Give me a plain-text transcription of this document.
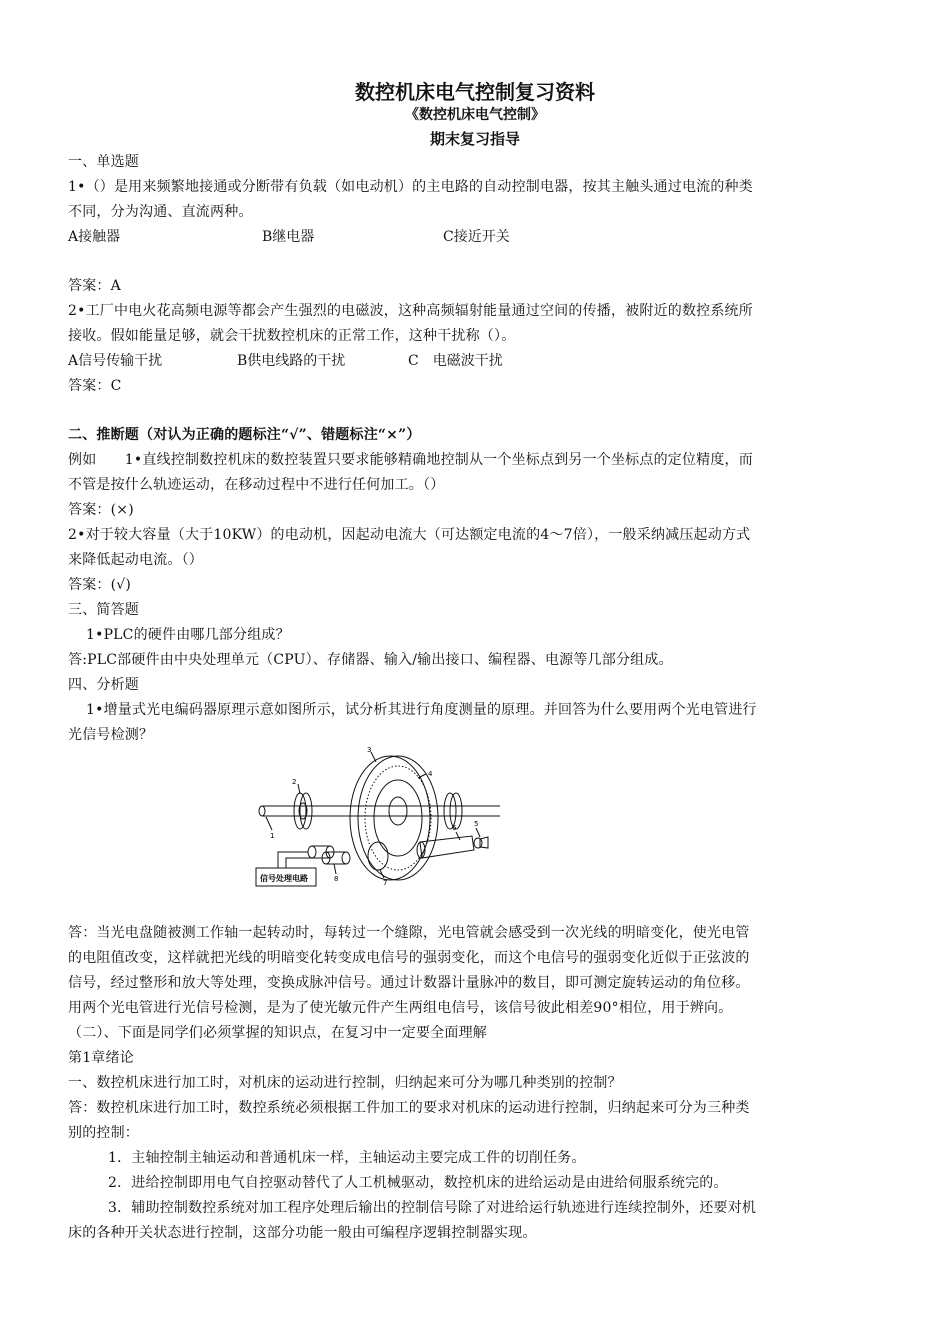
数控机床电气控制复习资料
《数控机床电气控制》
期末复习指导
一、单选题
1•（）是用来频繁地接通或分断带有负载（如电动机）的主电路的自动控制电器，按其主触头通过电流的种类
不同，分为沟通、直流两种。
A接触器	B继电器	C接近开关
答案：A
2•工厂中电火花高频电源等都会产生强烈的电磁波，这种高频辐射能量通过空间的传播，被附近的数控系统所
接收。假如能量足够，就会干扰数控机床的正常工作，这种干扰称（）。
A信号传输干扰	B供电线路的干扰	C　电磁波干扰
答案：C
二、推断题（对认为正确的题标注“√”、错题标注“×”）
例如　　1•直线控制数控机床的数控装置只要求能够精确地控制从一个坐标点到另一个坐标点的定位精度，而
不管是按什么轨迹运动，在移动过程中不进行任何加工。（）
答案：(×)
2•对于较大容量（大于10KW）的电动机，因起动电流大（可达额定电流的4～7倍），一般采纳减压起动方式
来降低起动电流。（）
答案：(√)
三、简答题
1•PLC的硬件由哪几部分组成？
答:PLC部硬件由中央处理单元（CPU）、存储器、输入/输出接口、编程器、电源等几部分组成。
四、分析题
1•增量式光电编码器原理示意如图所示，试分析其进行角度测量的原理。并回答为什么要用两个光电管进行
光信号检测？
信号处理电路
1
2
3
4
5
6
7
8
答：当光电盘随被测工作轴一起转动时，每转过一个缝隙，光电管就会感受到一次光线的明暗变化，使光电管
的电阻值改变，这样就把光线的明暗变化转变成电信号的强弱变化，而这个电信号的强弱变化近似于正弦波的
信号，经过整形和放大等处理，变换成脉冲信号。通过计数器计量脉冲的数目，即可测定旋转运动的角位移。
用两个光电管进行光信号检测，是为了使光敏元件产生两组电信号，该信号彼此相差90°相位，用于辨向。
（二）、下面是同学们必须掌握的知识点，在复习中一定要全面理解
第1章绪论
一、数控机床进行加工时，对机床的运动进行控制，归纳起来可分为哪几种类别的控制？
答：数控机床进行加工时，数控系统必须根据工件加工的要求对机床的运动进行控制，归纳起来可分为三种类
别的控制：
1．主轴控制主轴运动和普通机床一样，主轴运动主要完成工件的切削任务。
2．进给控制即用电气自控驱动替代了人工机械驱动，数控机床的进给运动是由进给伺服系统完的。
3．辅助控制数控系统对加工程序处理后输出的控制信号除了对进给运行轨迹进行连续控制外，还要对机
床的各种开关状态进行控制，这部分功能一般由可编程序逻辑控制器实现。
